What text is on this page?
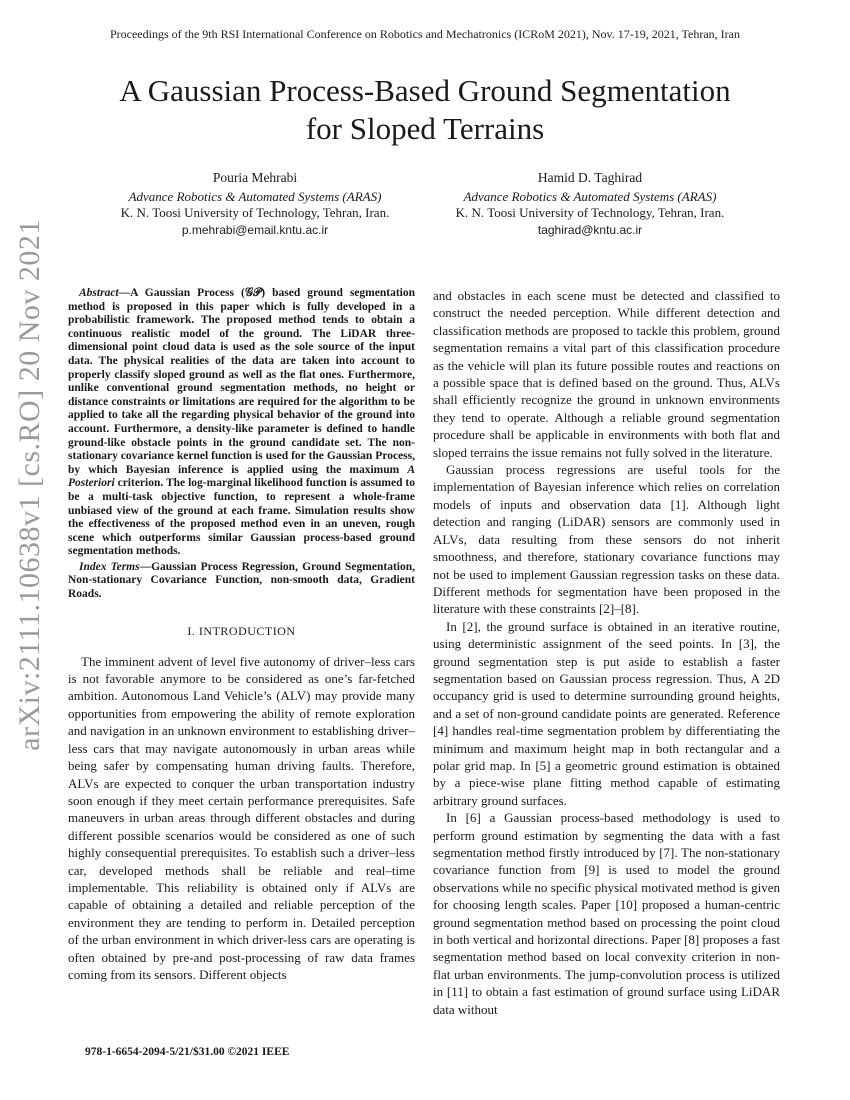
Proceedings of the 9th RSI International Conference on Robotics and Mechatronics (ICRoM 2021), Nov. 17-19, 2021, Tehran, Iran
A Gaussian Process-Based Ground Segmentation
for Sloped Terrains
Pouria Mehrabi
Advance Robotics & Automated Systems (ARAS)
K. N. Toosi University of Technology, Tehran, Iran.
p.mehrabi@email.kntu.ac.ir
Hamid D. Taghirad
Advance Robotics & Automated Systems (ARAS)
K. N. Toosi University of Technology, Tehran, Iran.
taghirad@kntu.ac.ir
arXiv:2111.10638v1 [cs.RO] 20 Nov 2021	Abstract—A Gaussian Process (𝒢𝒫) based ground segmentation method is proposed in this paper which is fully developed in a probabilistic framework. The proposed method tends to obtain a continuous realistic model of the ground. The LiDAR three-dimensional point cloud data is used as the sole source of the input data. The physical realities of the data are taken into account to properly classify sloped ground as well as the flat ones. Furthermore, unlike conventional ground segmentation methods, no height or distance constraints or limitations are required for the algorithm to be applied to take all the regarding physical behavior of the ground into account. Furthermore, a density-like parameter is defined to handle ground-like obstacle points in the ground candidate set. The non-stationary covariance kernel function is used for the Gaussian Process, by which Bayesian inference is applied using the maximum A Posteriori criterion. The log-marginal likelihood function is assumed to be a multi-task objective function, to represent a whole-frame unbiased view of the ground at each frame. Simulation results show the effectiveness of the proposed method even in an uneven, rough scene which outperforms similar Gaussian process-based ground segmentation methods.

Index Terms—Gaussian Process Regression, Ground Segmentation, Non-stationary Covariance Function, non-smooth data, Gradient Roads.

I. INTRODUCTION

The imminent advent of level five autonomy of driver–less cars is not favorable anymore to be considered as one’s far-fetched ambition. Autonomous Land Vehicle’s (ALV) may provide many opportunities from empowering the ability of remote exploration and navigation in an unknown environment to establishing driver–less cars that may navigate autonomously in urban areas while being safer by compensating human driving faults. Therefore, ALVs are expected to conquer the urban transportation industry soon enough if they meet certain performance prerequisites. Safe maneuvers in urban areas through different obstacles and during different possible scenarios would be considered as one of such highly consequential prerequisites. To establish such a driver–less car, developed methods shall be reliable and real–time implementable. This reliability is obtained only if ALVs are capable of obtaining a detailed and reliable perception of the environment they are tending to perform in. Detailed perception of the urban environment in which driver-less cars are operating is often obtained by pre-and post-processing of raw data frames coming from its sensors. Different objects

and obstacles in each scene must be detected and classified to construct the needed perception. While different detection and classification methods are proposed to tackle this problem, ground segmentation remains a vital part of this classification procedure as the vehicle will plan its future possible routes and reactions on a possible space that is defined based on the ground. Thus, ALVs shall efficiently recognize the ground in unknown environments they tend to operate. Although a reliable ground segmentation procedure shall be applicable in environments with both flat and sloped terrains the issue remains not fully solved in the literature.

Gaussian process regressions are useful tools for the implementation of Bayesian inference which relies on correlation models of inputs and observation data [1]. Although light detection and ranging (LiDAR) sensors are commonly used in ALVs, data resulting from these sensors do not inherit smoothness, and therefore, stationary covariance functions may not be used to implement Gaussian regression tasks on these data. Different methods for segmentation have been proposed in the literature with these constraints [2]–[8].

In [2], the ground surface is obtained in an iterative routine, using deterministic assignment of the seed points. In [3], the ground segmentation step is put aside to establish a faster segmentation based on Gaussian process regression. Thus, A 2D occupancy grid is used to determine surrounding ground heights, and a set of non-ground candidate points are generated. Reference [4] handles real-time segmentation problem by differentiating the minimum and maximum height map in both rectangular and a polar grid map. In [5] a geometric ground estimation is obtained by a piece-wise plane fitting method capable of estimating arbitrary ground surfaces.

In [6] a Gaussian process-based methodology is used to perform ground estimation by segmenting the data with a fast segmentation method firstly introduced by [7]. The non-stationary covariance function from [9] is used to model the ground observations while no specific physical motivated method is given for choosing length scales. Paper [10] proposed a human-centric ground segmentation method based on processing the point cloud in both vertical and horizontal directions. Paper [8] proposes a fast segmentation method based on local convexity criterion in non-flat urban environments. The jump-convolution process is utilized in [11] to obtain a fast estimation of ground surface using LiDAR data without

978-1-6654-2094-5/21/$31.00 ©2021 IEEE
